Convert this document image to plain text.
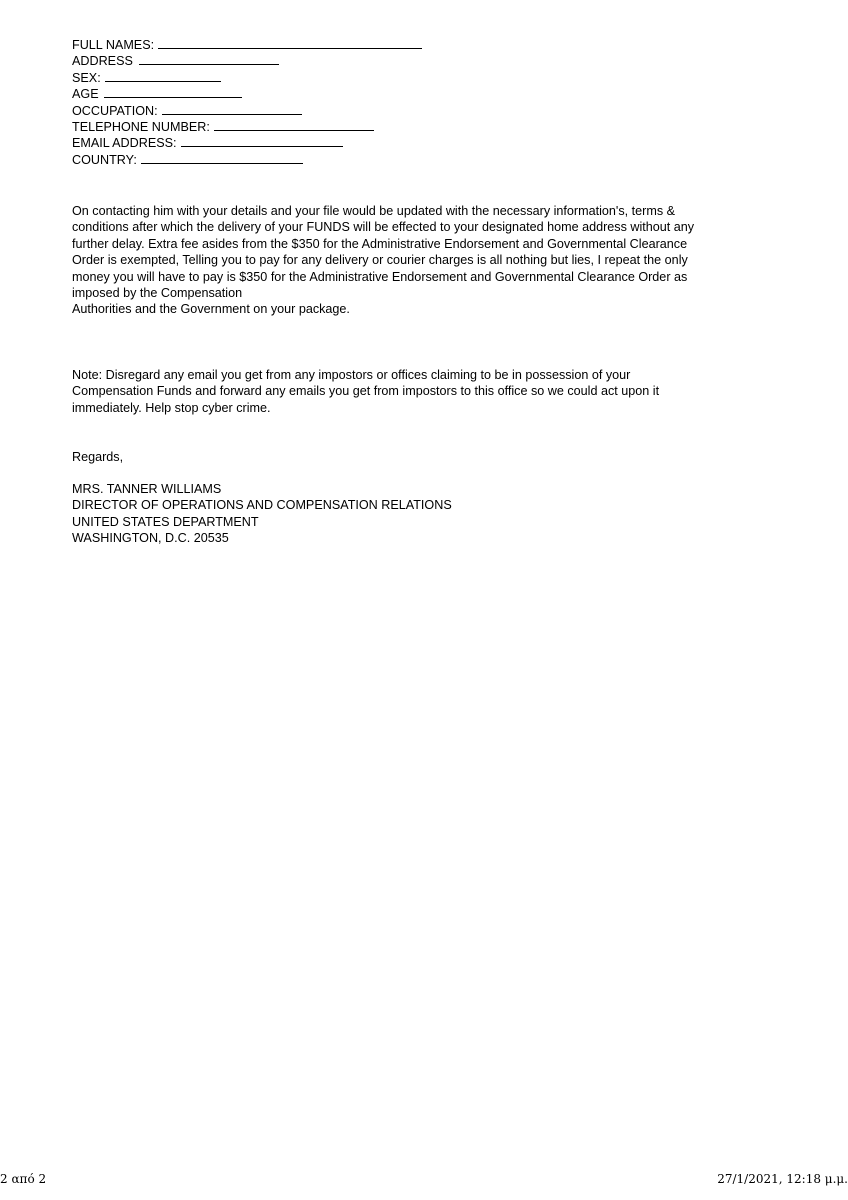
FULL NAMES:
ADDRESS
SEX:
AGE
OCCUPATION:
TELEPHONE NUMBER:
EMAIL ADDRESS:
COUNTRY:

On contacting him with your details and your file would be updated with the necessary information's, terms &
conditions after which the delivery of your FUNDS will be effected to your designated home address without any
further delay. Extra fee asides from the $350 for the Administrative Endorsement and Governmental Clearance
Order is exempted, Telling you to pay for any delivery or courier charges is all nothing but lies, I repeat the only
money you will have to pay is $350 for the Administrative Endorsement and Governmental Clearance Order as
imposed by the Compensation
Authorities and the Government on your package.

Note: Disregard any email you get from any impostors or offices claiming to be in possession of your
Compensation Funds and forward any emails you get from impostors to this office so we could act upon it
immediately. Help stop cyber crime.

Regards,

MRS. TANNER WILLIAMS
DIRECTOR OF OPERATIONS AND COMPENSATION RELATIONS
UNITED STATES DEPARTMENT
WASHINGTON, D.C. 20535

2 από 2	27/1/2021, 12:18 μ.μ.
